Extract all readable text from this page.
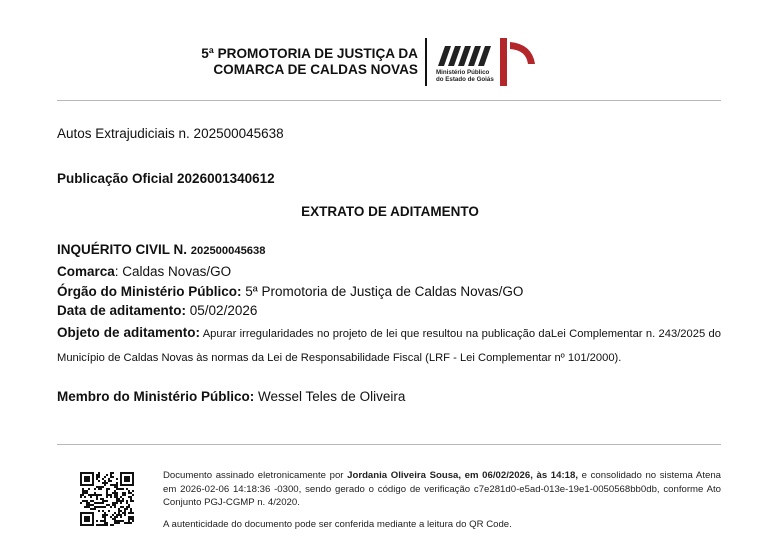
5ª PROMOTORIA DE JUSTIÇA DA
COMARCA DE CALDAS NOVAS	Ministério Público
do Estado de Goiás
Autos Extrajudiciais n. 202500045638
Publicação Oficial 2026001340612
EXTRATO DE ADITAMENTO
INQUÉRITO CIVIL N. 202500045638
Comarca: Caldas Novas/GO
Órgão do Ministério Público: 5ª Promotoria de Justiça de Caldas Novas/GO
Data de aditamento: 05/02/2026
Objeto de aditamento: Apurar irregularidades no projeto de lei que resultou na publicação daLei Complementar n. 243/2025 do Município de Caldas Novas às normas da Lei de Responsabilidade Fiscal (LRF - Lei Complementar nº 101/2000).
Membro do Ministério Público: Wessel Teles de Oliveira
Documento assinado eletronicamente por Jordania Oliveira Sousa, em 06/02/2026, às 14:18, e consolidado no sistema Atena em 2026-02-06 14:18:36 -0300, sendo gerado o código de verificação c7e281d0-e5ad-013e-19e1-0050568bb0db, conforme Ato Conjunto PGJ-CGMP n. 4/2020.
A autenticidade do documento pode ser conferida mediante a leitura do QR Code.
